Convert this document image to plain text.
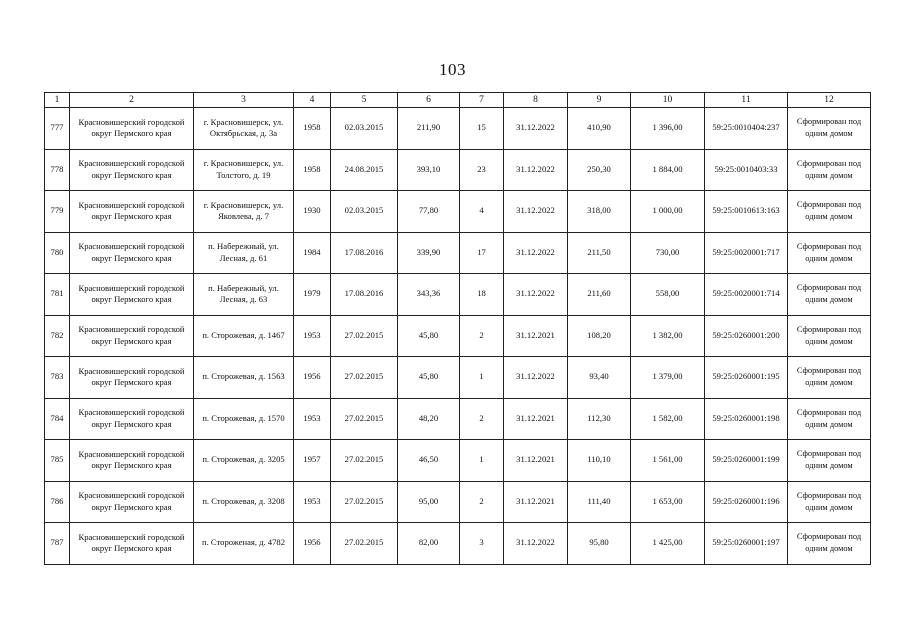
103
1	2	3	4	5	6	7	8	9	10	11	12
777	Красновишерский городской округ Пермского края	г. Красновишерск, ул. Октябрьская, д. 3а	1958	02.03.2015	211,90	15	31.12.2022	410,90	1 396,00	59:25:0010404:237	Сформирован под одним домом
778	Красновишерский городской округ Пермского края	г. Красновишерск, ул. Толстого, д. 19	1958	24.08.2015	393,10	23	31.12.2022	250,30	1 884,00	59:25:0010403:33	Сформирован под одним домом
779	Красновишерский городской округ Пермского края	г. Красновишерск, ул. Яковлева, д. 7	1930	02.03.2015	77,80	4	31.12.2022	318,00	1 000,00	59:25:0010613:163	Сформирован под одним домом
780	Красновишерский городской округ Пермского края	п. Набережный, ул. Лесная, д. 61	1984	17.08.2016	339,90	17	31.12.2022	211,50	730,00	59:25:0020001:717	Сформирован под одним домом
781	Красновишерский городской округ Пермского края	п. Набережный, ул. Лесная, д. 63	1979	17.08.2016	343,36	18	31.12.2022	211,60	558,00	59:25:0020001:714	Сформирован под одним домом
782	Красновишерский городской округ Пермского края	п. Сторожевая, д. 1467	1953	27.02.2015	45,80	2	31.12.2021	108,20	1 382,00	59:25:0260001:200	Сформирован под одним домом
783	Красновишерский городской округ Пермского края	п. Сторожевая, д. 1563	1956	27.02.2015	45,80	1	31.12.2022	93,40	1 379,00	59:25:0260001:195	Сформирован под одним домом
784	Красновишерский городской округ Пермского края	п. Сторожевая, д. 1570	1953	27.02.2015	48,20	2	31.12.2021	112,30	1 582,00	59:25:0260001:198	Сформирован под одним домом
785	Красновишерский городской округ Пермского края	п. Сторожевая, д. 3205	1957	27.02.2015	46,50	1	31.12.2021	110,10	1 561,00	59:25:0260001:199	Сформирован под одним домом
786	Красновишерский городской округ Пермского края	п. Сторожевая, д. 3208	1953	27.02.2015	95,00	2	31.12.2021	111,40	1 653,00	59:25:0260001:196	Сформирован под одним домом
787	Красновишерский городской округ Пермского края	п. Стороженая, д. 4782	1956	27.02.2015	82,00	3	31.12.2022	95,80	1 425,00	59:25:0260001:197	Сформирован под одним домом
